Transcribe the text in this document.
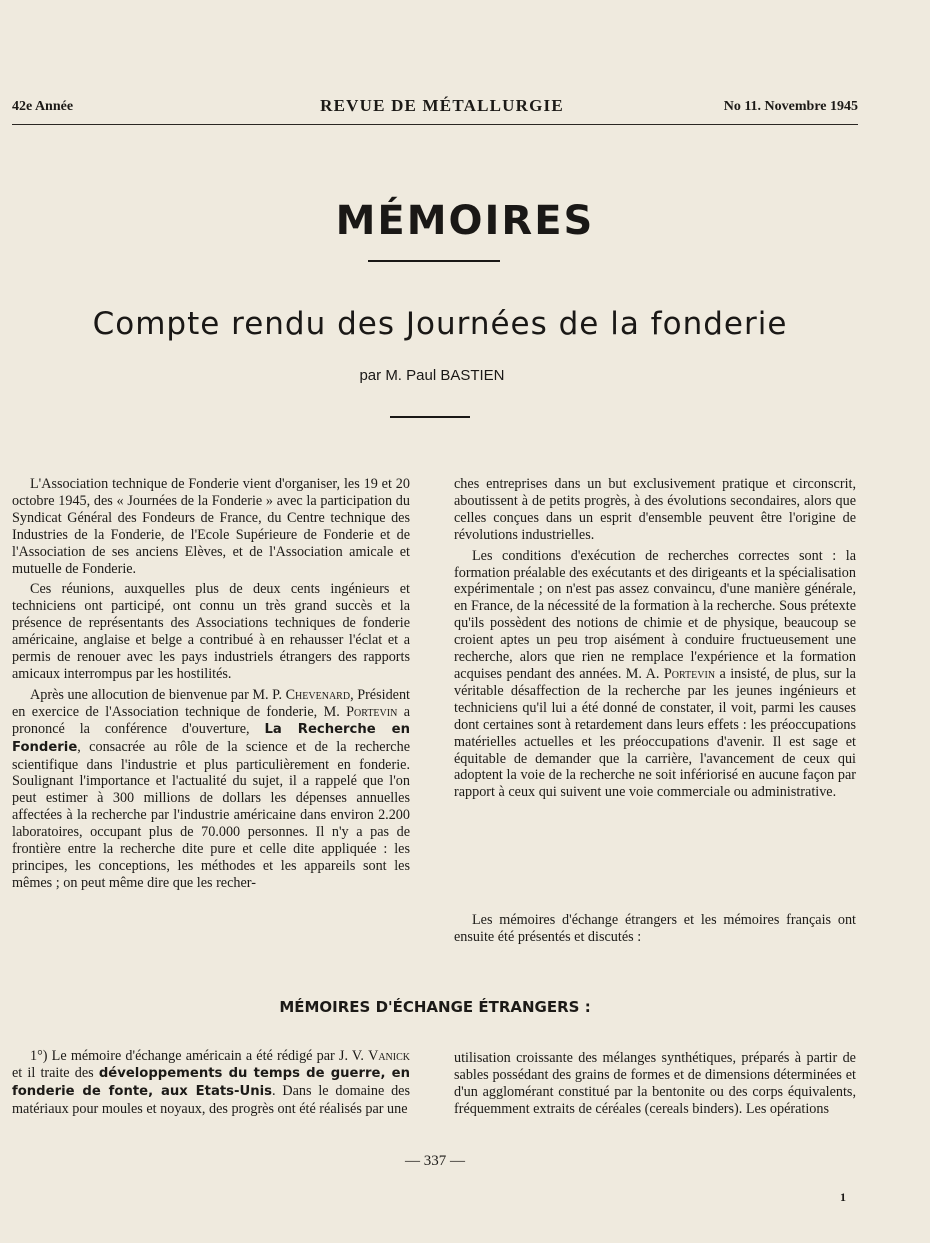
42e Année	REVUE DE MÉTALLURGIE	No 11. Novembre 1945
MÉMOIRES
Compte rendu des Journées de la fonderie
par M. Paul BASTIEN

L'Association technique de Fonderie vient d'organiser, les 19 et 20 octobre 1945, des « Journées de la Fonderie » avec la participation du Syndicat Général des Fondeurs de France, du Centre technique des Industries de la Fonderie, de l'Ecole Supérieure de Fonderie et de l'Association de ses anciens Elèves, et de l'Association amicale et mutuelle de Fonderie.

Ces réunions, auxquelles plus de deux cents ingénieurs et techniciens ont participé, ont connu un très grand succès et la présence de représentants des Associations techniques de fonderie américaine, anglaise et belge a contribué à en rehausser l'éclat et a permis de renouer avec les pays industriels étrangers des rapports amicaux interrompus par les hostilités.

Après une allocution de bienvenue par M. P. Chevenard, Président en exercice de l'Association technique de fonderie, M. Portevin a prononcé la conférence d'ouverture, La Recherche en Fonderie, consacrée au rôle de la science et de la recherche scientifique dans l'industrie et plus particulièrement en fonderie. Soulignant l'importance et l'actualité du sujet, il a rappelé que l'on peut estimer à 300 millions de dollars les dépenses annuelles affectées à la recherche par l'industrie américaine dans environ 2.200 laboratoires, occupant plus de 70.000 personnes. Il n'y a pas de frontière entre la recherche dite pure et celle dite appliquée : les principes, les conceptions, les méthodes et les appareils sont les mêmes ; on peut même dire que les recher-

ches entreprises dans un but exclusivement pratique et circonscrit, aboutissent à de petits progrès, à des évolutions secondaires, alors que celles conçues dans un esprit d'ensemble peuvent être l'origine de révolutions industrielles.

Les conditions d'exécution de recherches correctes sont : la formation préalable des exécutants et des dirigeants et la spécialisation expérimentale ; on n'est pas assez convaincu, d'une manière générale, en France, de la nécessité de la formation à la recherche. Sous prétexte qu'ils possèdent des notions de chimie et de physique, beaucoup se croient aptes un peu trop aisément à conduire fructueusement une recherche, alors que rien ne remplace l'expérience et la formation acquises pendant des années. M. A. Portevin a insisté, de plus, sur la véritable désaffection de la recherche par les jeunes ingénieurs et techniciens qu'il lui a été donné de constater, il voit, parmi les causes dont certaines sont à retardement dans leurs effets : les préoccupations matérielles actuelles et les préoccupations d'avenir. Il est sage et équitable de demander que la carrière, l'avancement de ceux qui adoptent la voie de la recherche ne soit infériorisé en aucune façon par rapport à ceux qui suivent une voie commerciale ou administrative.

Les mémoires d'échange étrangers et les mémoires français ont ensuite été présentés et discutés :

MÉMOIRES D'ÉCHANGE ÉTRANGERS :

1°) Le mémoire d'échange américain a été rédigé par J. V. Vanick et il traite des développements du temps de guerre, en fonderie de fonte, aux Etats-Unis. Dans le domaine des matériaux pour moules et noyaux, des progrès ont été réalisés par une

utilisation croissante des mélanges synthétiques, préparés à partir de sables possédant des grains de formes et de dimensions déterminées et d'un agglomérant constitué par la bentonite ou des corps équivalents, fréquemment extraits de céréales (cereals binders). Les opérations

— 337 —
1
